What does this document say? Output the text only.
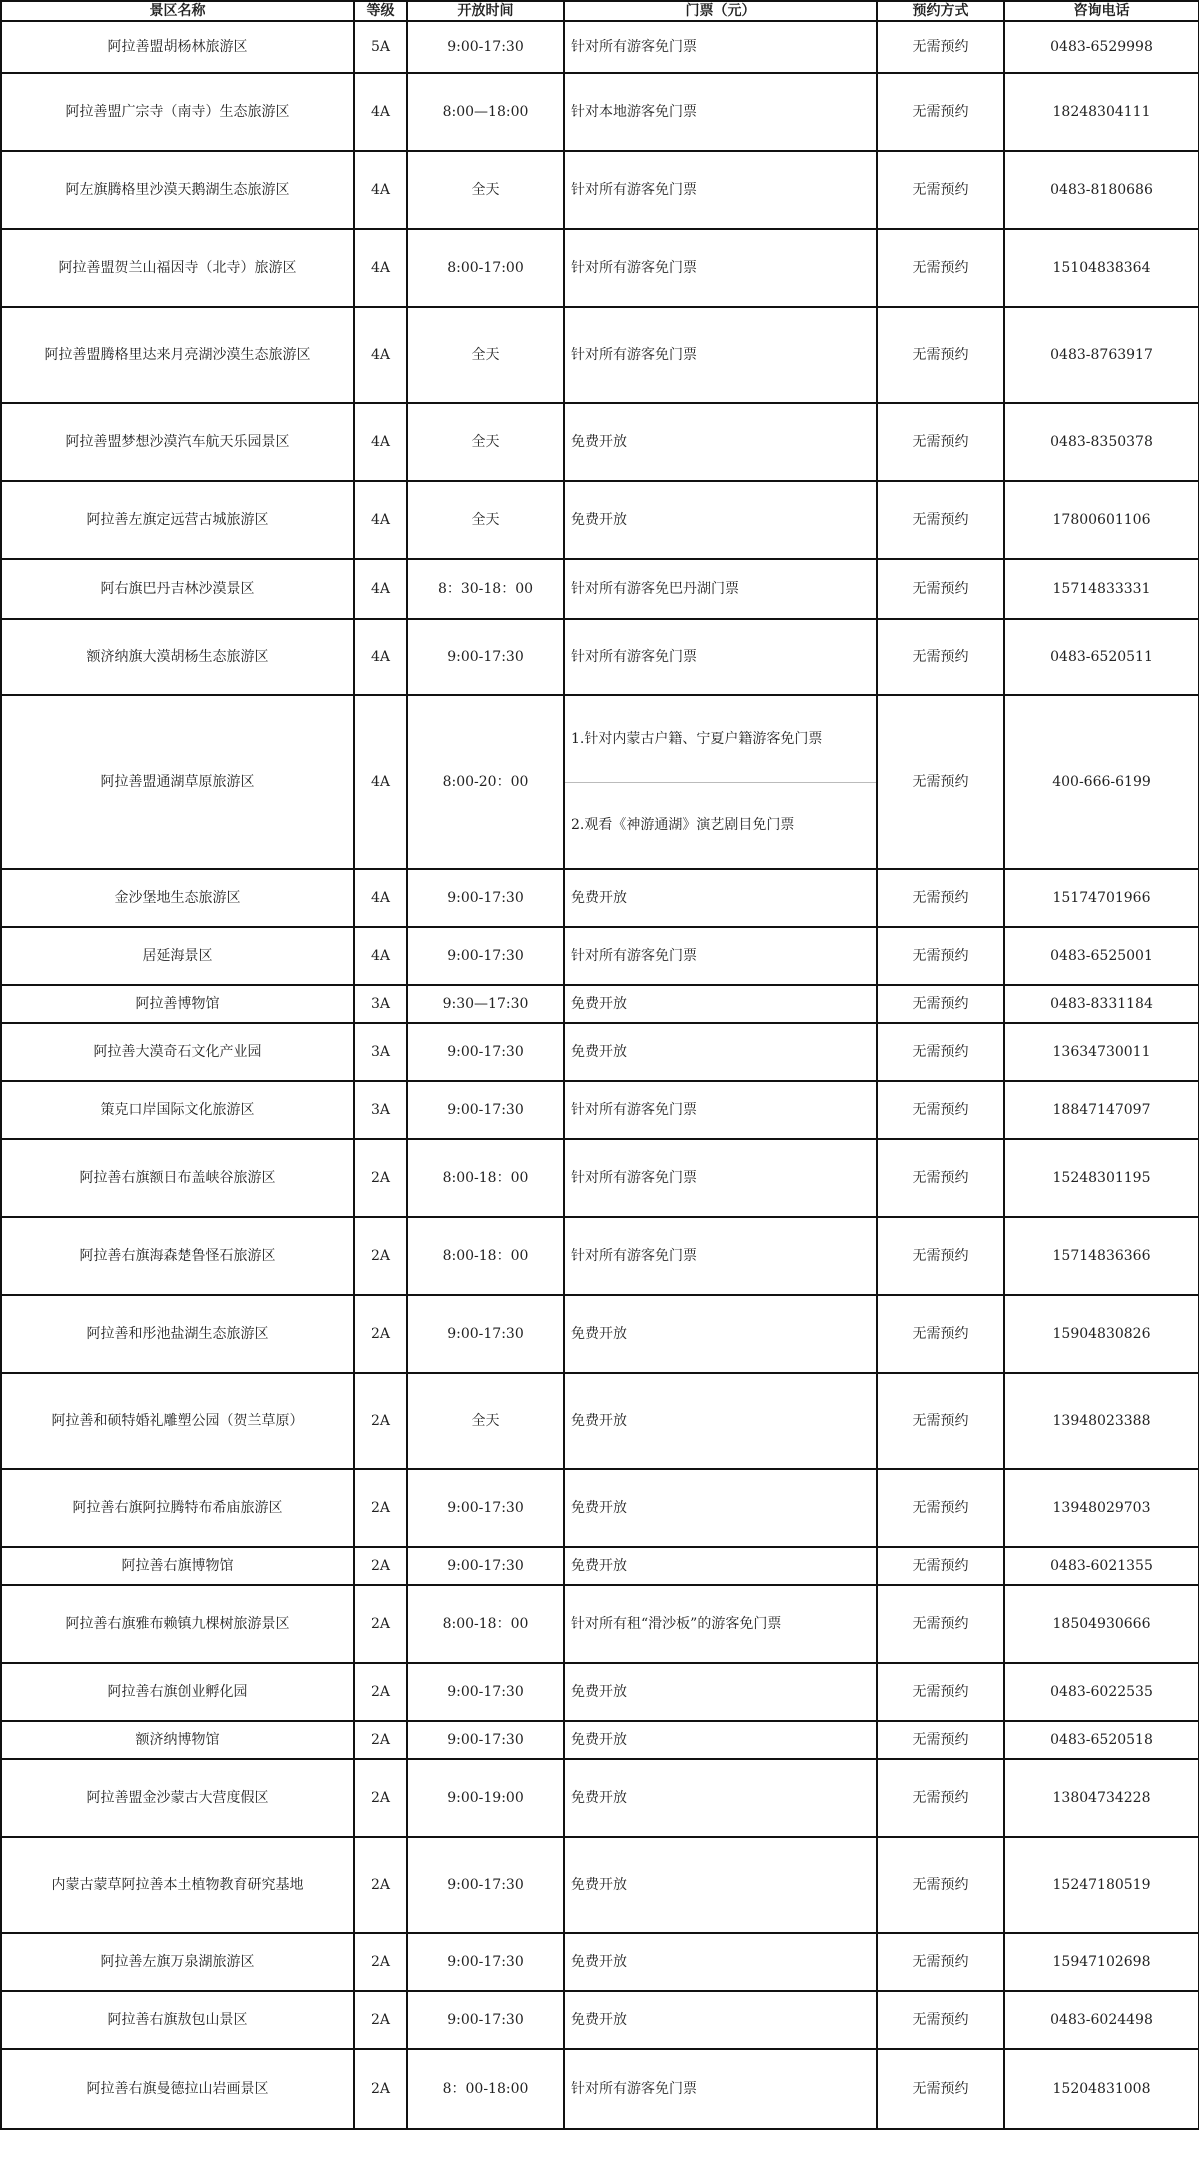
景区名称	等级	开放时间	门票（元）	预约方式	咨询电话
阿拉善盟胡杨林旅游区	5A	9:00-17:30	针对所有游客免门票	无需预约	0483-6529998
阿拉善盟广宗寺（南寺）生态旅游区	4A	8:00—18:00	针对本地游客免门票	无需预约	18248304111
阿左旗腾格里沙漠天鹅湖生态旅游区	4A	全天	针对所有游客免门票	无需预约	0483-8180686
阿拉善盟贺兰山福因寺（北寺）旅游区	4A	8:00-17:00	针对所有游客免门票	无需预约	15104838364
阿拉善盟腾格里达来月亮湖沙漠生态旅游区	4A	全天	针对所有游客免门票	无需预约	0483-8763917
阿拉善盟梦想沙漠汽车航天乐园景区	4A	全天	免费开放	无需预约	0483-8350378
阿拉善左旗定远营古城旅游区	4A	全天	免费开放	无需预约	17800601106
阿右旗巴丹吉林沙漠景区	4A	8：30-18：00	针对所有游客免巴丹湖门票	无需预约	15714833331
额济纳旗大漠胡杨生态旅游区	4A	9:00-17:30	针对所有游客免门票	无需预约	0483-6520511
阿拉善盟通湖草原旅游区	4A	8:00-20：00	1.针对内蒙古户籍、宁夏户籍游客免门票
2.观看《神游通湖》演艺剧目免门票	无需预约	400-666-6199
金沙堡地生态旅游区	4A	9:00-17:30	免费开放	无需预约	15174701966
居延海景区	4A	9:00-17:30	针对所有游客免门票	无需预约	0483-6525001
阿拉善博物馆	3A	9:30—17:30	免费开放	无需预约	0483-8331184
阿拉善大漠奇石文化产业园	3A	9:00-17:30	免费开放	无需预约	13634730011
策克口岸国际文化旅游区	3A	9:00-17:30	针对所有游客免门票	无需预约	18847147097
阿拉善右旗额日布盖峡谷旅游区	2A	8:00-18：00	针对所有游客免门票	无需预约	15248301195
阿拉善右旗海森楚鲁怪石旅游区	2A	8:00-18：00	针对所有游客免门票	无需预约	15714836366
阿拉善和彤池盐湖生态旅游区	2A	9:00-17:30	免费开放	无需预约	15904830826
阿拉善和硕特婚礼雕塑公园（贺兰草原）	2A	全天	免费开放	无需预约	13948023388
阿拉善右旗阿拉腾特布希庙旅游区	2A	9:00-17:30	免费开放	无需预约	13948029703
阿拉善右旗博物馆	2A	9:00-17:30	免费开放	无需预约	0483-6021355
阿拉善右旗雅布赖镇九棵树旅游景区	2A	8:00-18：00	针对所有租“滑沙板”的游客免门票	无需预约	18504930666
阿拉善右旗创业孵化园	2A	9:00-17:30	免费开放	无需预约	0483-6022535
额济纳博物馆	2A	9:00-17:30	免费开放	无需预约	0483-6520518
阿拉善盟金沙蒙古大营度假区	2A	9:00-19:00	免费开放	无需预约	13804734228
内蒙古蒙草阿拉善本土植物教育研究基地	2A	9:00-17:30	免费开放	无需预约	15247180519
阿拉善左旗万泉湖旅游区	2A	9:00-17:30	免费开放	无需预约	15947102698
阿拉善右旗敖包山景区	2A	9:00-17:30	免费开放	无需预约	0483-6024498
阿拉善右旗曼德拉山岩画景区	2A	8：00-18:00	针对所有游客免门票	无需预约	15204831008
